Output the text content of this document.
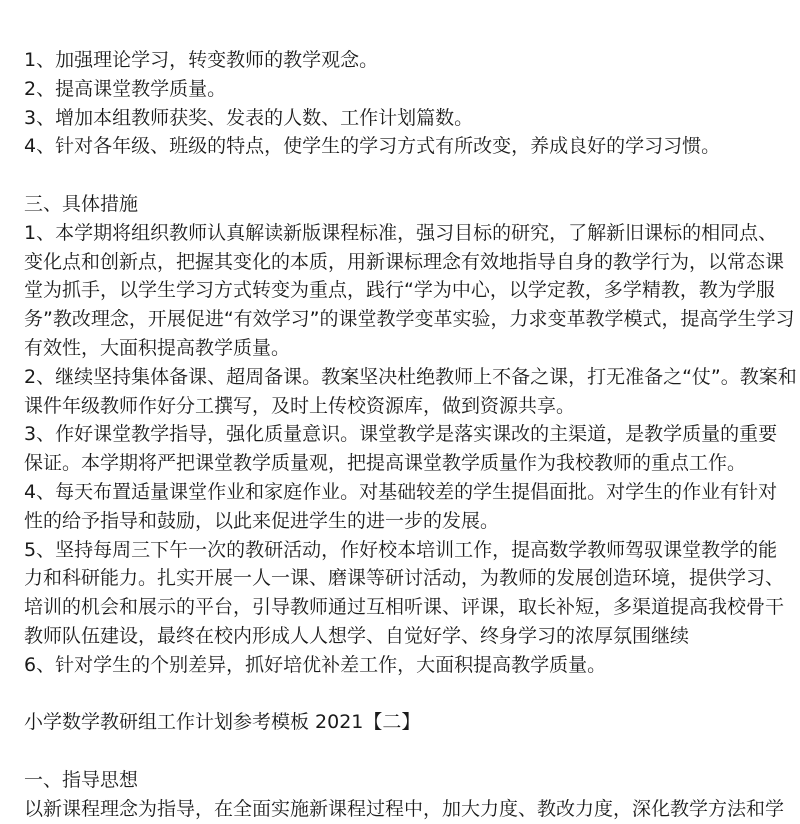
1、加强理论学习，转变教师的教学观念。
2、提高课堂教学质量。
3、增加本组教师获奖、发表的人数、工作计划篇数。
4、针对各年级、班级的特点，使学生的学习方式有所改变，养成良好的学习习惯。
三、具体措施
1、本学期将组织教师认真解读新版课程标准，强习目标的研究，了解新旧课标的相同点、
变化点和创新点，把握其变化的本质，用新课标理念有效地指导自身的教学行为，以常态课
堂为抓手，以学生学习方式转变为重点，践行“学为中心，以学定教，多学精教，教为学服
务”教改理念，开展促进“有效学习”的课堂教学变革实验，力求变革教学模式，提高学生学习
有效性，大面积提高教学质量。
2、继续坚持集体备课、超周备课。教案坚决杜绝教师上不备之课，打无准备之“仗”。教案和
课件年级教师作好分工撰写，及时上传校资源库，做到资源共享。
3、作好课堂教学指导，强化质量意识。课堂教学是落实课改的主渠道，是教学质量的重要
保证。本学期将严把课堂教学质量观，把提高课堂教学质量作为我校教师的重点工作。
4、每天布置适量课堂作业和家庭作业。对基础较差的学生提倡面批。对学生的作业有针对
性的给予指导和鼓励，以此来促进学生的进一步的发展。
5、坚持每周三下午一次的教研活动，作好校本培训工作，提高数学教师驾驭课堂教学的能
力和科研能力。扎实开展一人一课、磨课等研讨活动，为教师的发展创造环境，提供学习、
培训的机会和展示的平台，引导教师通过互相听课、评课，取长补短，多渠道提高我校骨干
教师队伍建设，最终在校内形成人人想学、自觉好学、终身学习的浓厚氛围继续
6、针对学生的个别差异，抓好培优补差工作，大面积提高教学质量。
小学数学教研组工作计划参考模板 2021【二】
一、指导思想
以新课程理念为指导，在全面实施新课程过程中，加大力度、教改力度，深化教学方法和学
